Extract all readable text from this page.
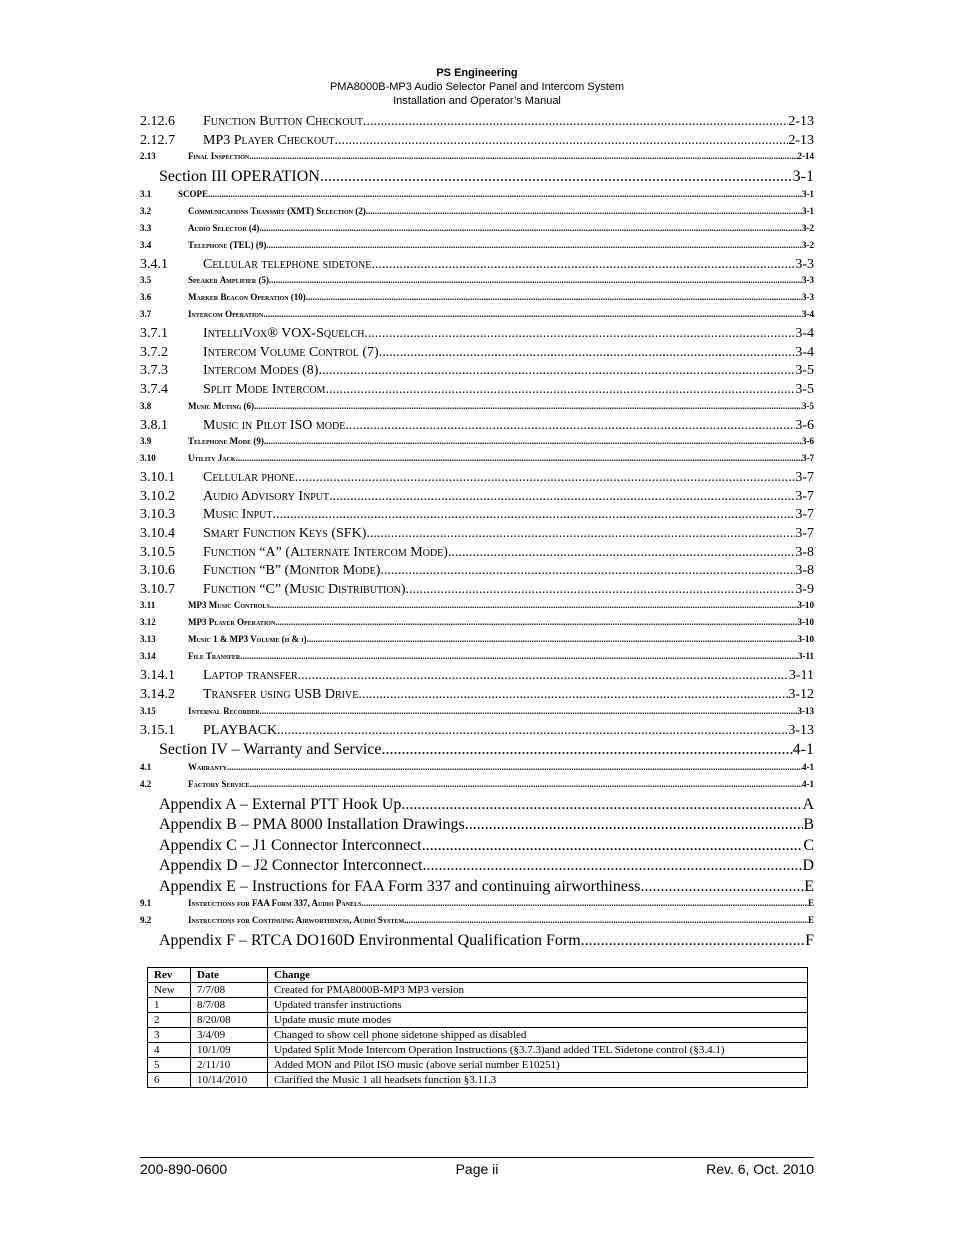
PS Engineering
PMA8000B-MP3 Audio Selector Panel and Intercom System
Installation and Operator’s Manual
2.12.6	Function Button Checkout .....	2-13
2.12.7	MP3 Player Checkout .....	2-13
2.13	Final Inspection .....	2-14
Section III OPERATION .....	3-1
3.1	SCOPE .....	3-1
3.2	Communications Transmit (XMT) Selection (2) .....	3-1
3.3	Audio Selector (4) .....	3-2
3.4	Telephone (TEL) (9) .....	3-2
3.4.1	Cellular telephone sidetone .....	3-3
3.5	Speaker Amplifier (5) .....	3-3
3.6	Marker Beacon Operation (10) .....	3-3
3.7	Intercom Operation .....	3-4
3.7.1	IntelliVox® VOX-Squelch .....	3-4
3.7.2	Intercom Volume Control (7) .....	3-4
3.7.3	Intercom Modes (8) .....	3-5
3.7.4	Split Mode Intercom .....	3-5
3.8	Music Muting (6) .....	3-5
3.8.1	Music in Pilot ISO mode .....	3-6
3.9	Telephone Mode (9) .....	3-6
3.10	Utility Jack .....	3-7
3.10.1	Cellular phone .....	3-7
3.10.2	Audio Advisory Input .....	3-7
3.10.3	Music Input .....	3-7
3.10.4	Smart Function Keys (SFK) .....	3-7
3.10.5	Function “A” (Alternate Intercom Mode) .....	3-8
3.10.6	Function “B” (Monitor Mode) .....	3-8
3.10.7	Function “C” (Music Distribution) .....	3-9
3.11	MP3 Music Controls .....	3-10
3.12	MP3 Player Operation .....	3-10
3.13	Music 1 & MP3 Volume (h & i) .....	3-10
3.14	File Transfer .....	3-11
3.14.1	Laptop transfer .....	3-11
3.14.2	Transfer using USB Drive .....	3-12
3.15	Internal Recorder .....	3-13
3.15.1	PLAYBACK .....	3-13
Section IV – Warranty and Service .....	4-1
4.1	Warranty .....	4-1
4.2	Factory Service .....	4-1
Appendix A – External PTT Hook Up .....	A
Appendix B – PMA 8000 Installation Drawings .....	B
Appendix C – J1 Connector Interconnect. .....	C
Appendix D – J2 Connector Interconnect .....	D
Appendix E – Instructions for FAA Form 337 and continuing airworthiness .....	E
9.1	Instructions for FAA Form 337, Audio Panels .....	E
9.2	Instructions for Continuing Airworthiness, Audio System .....	E
Appendix F – RTCA DO160D Environmental Qualification Form .....	F
Rev	Date	Change
New	7/7/08	Created for PMA8000B-MP3 MP3 version
1	8/7/08	Updated transfer instructions
2	8/20/08	Update music mute modes
3	3/4/09	Changed to show cell phone sidetone shipped as disabled
4	10/1/09	Updated Split Mode Intercom Operation Instructions (§3.7.3)and added TEL Sidetone control (§3.4.1)
5	2/11/10	Added MON and Pilot ISO music (above serial number E10251)
6	10/14/2010	Clarified the Music 1 all headsets function §3.11.3
200-890-0600	Page ii	Rev. 6, Oct. 2010
